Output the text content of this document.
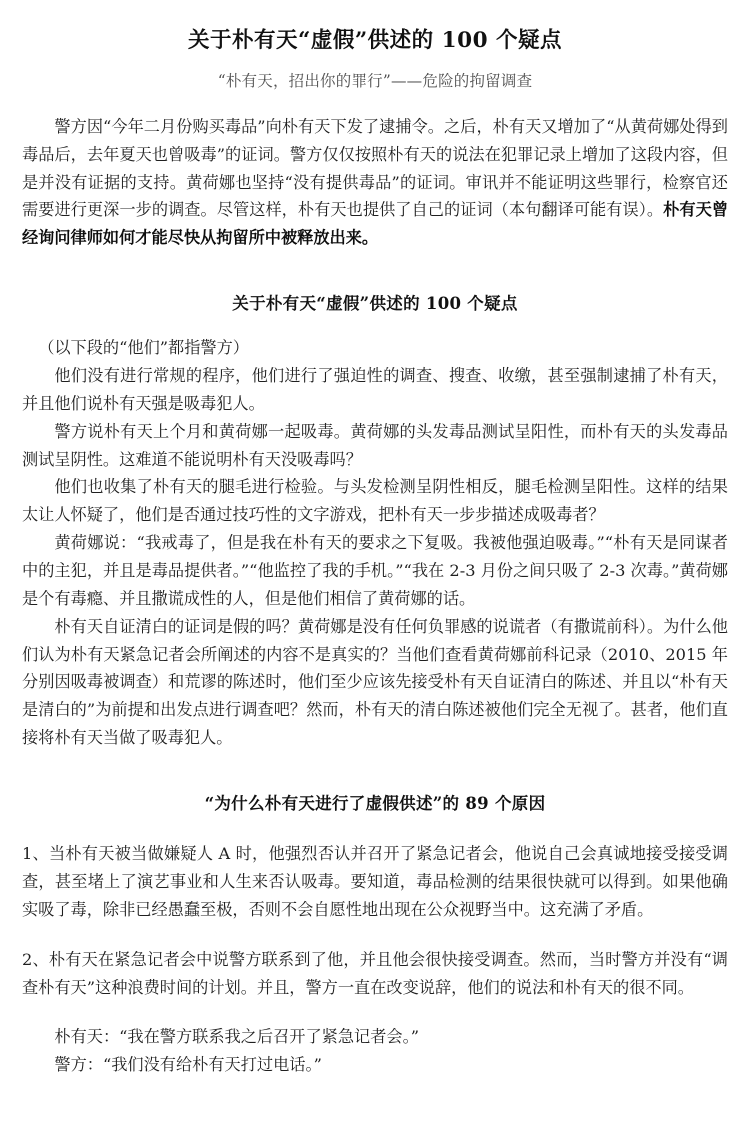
关于朴有天“虚假”供述的 100 个疑点
“朴有天，招出你的罪行”——危险的拘留调查

警方因“今年二月份购买毒品”向朴有天下发了逮捕令。之后，朴有天又增加了“从黄荷娜处得到毒品后，去年夏天也曾吸毒”的证词。警方仅仅按照朴有天的说法在犯罪记录上增加了这段内容，但是并没有证据的支持。黄荷娜也坚持“没有提供毒品”的证词。审讯并不能证明这些罪行，检察官还需要进行更深一步的调查。尽管这样，朴有天也提供了自己的证词（本句翻译可能有误）。朴有天曾经询问律师如何才能尽快从拘留所中被释放出来。

关于朴有天“虚假”供述的 100 个疑点

（以下段的“他们”都指警方）

他们没有进行常规的程序，他们进行了强迫性的调查、搜查、收缴，甚至强制逮捕了朴有天，并且他们说朴有天强是吸毒犯人。

警方说朴有天上个月和黄荷娜一起吸毒。黄荷娜的头发毒品测试呈阳性，而朴有天的头发毒品测试呈阴性。这难道不能说明朴有天没吸毒吗？

他们也收集了朴有天的腿毛进行检验。与头发检测呈阴性相反，腿毛检测呈阳性。这样的结果太让人怀疑了，他们是否通过技巧性的文字游戏，把朴有天一步步描述成吸毒者？

黄荷娜说：“我戒毒了，但是我在朴有天的要求之下复吸。我被他强迫吸毒。”“朴有天是同谋者中的主犯，并且是毒品提供者。”“他监控了我的手机。”“我在 2-3 月份之间只吸了 2-3 次毒。”黄荷娜是个有毒瘾、并且撒谎成性的人，但是他们相信了黄荷娜的话。

朴有天自证清白的证词是假的吗？黄荷娜是没有任何负罪感的说谎者（有撒谎前科）。为什么他们认为朴有天紧急记者会所阐述的内容不是真实的？当他们查看黄荷娜前科记录（2010、2015 年分别因吸毒被调查）和荒谬的陈述时，他们至少应该先接受朴有天自证清白的陈述、并且以“朴有天是清白的”为前提和出发点进行调查吧？然而，朴有天的清白陈述被他们完全无视了。甚者，他们直接将朴有天当做了吸毒犯人。

“为什么朴有天进行了虚假供述”的 89 个原因

1、当朴有天被当做嫌疑人 A 时，他强烈否认并召开了紧急记者会，他说自己会真诚地接受接受调查，甚至堵上了演艺事业和人生来否认吸毒。要知道，毒品检测的结果很快就可以得到。如果他确实吸了毒，除非已经愚蠢至极，否则不会自愿性地出现在公众视野当中。这充满了矛盾。

2、朴有天在紧急记者会中说警方联系到了他，并且他会很快接受调查。然而，当时警方并没有“调查朴有天”这种浪费时间的计划。并且，警方一直在改变说辞，他们的说法和朴有天的很不同。

朴有天：“我在警方联系我之后召开了紧急记者会。”

警方：“我们没有给朴有天打过电话。”
